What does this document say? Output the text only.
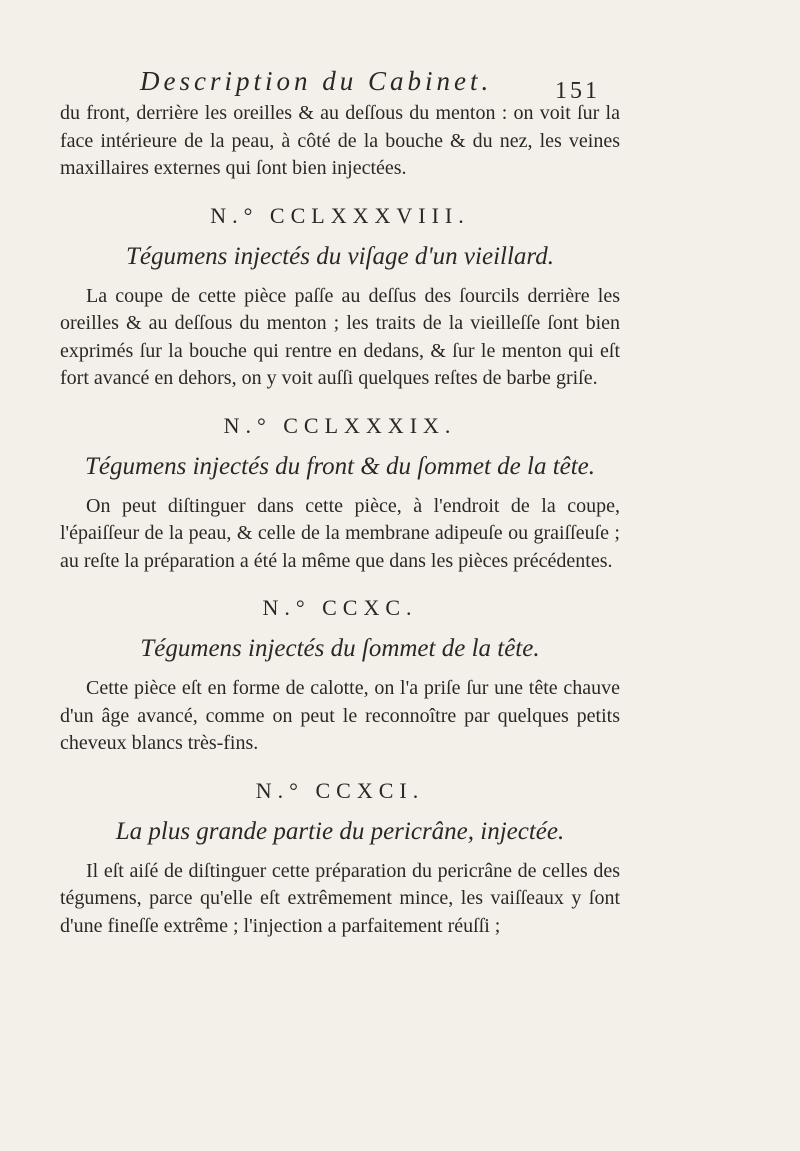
Description du Cabinet.	151

du front, derrière les oreilles & au deſſous du menton : on voit ſur la face intérieure de la peau, à côté de la bouche & du nez, les veines maxillaires externes qui ſont bien injectées.

N.° CCLXXXVIII.
Tégumens injectés du viſage d'un vieillard.

La coupe de cette pièce paſſe au deſſus des ſourcils derrière les oreilles & au deſſous du menton ; les traits de la vieilleſſe ſont bien exprimés ſur la bouche qui rentre en dedans, & ſur le menton qui eſt fort avancé en dehors, on y voit auſſi quelques reſtes de barbe griſe.

N.° CCLXXXIX.
Tégumens injectés du front & du ſommet de la tête.

On peut diſtinguer dans cette pièce, à l'endroit de la coupe, l'épaiſſeur de la peau, & celle de la membrane adipeuſe ou graiſſeuſe ; au reſte la préparation a été la même que dans les pièces précédentes.

N.° CCXC.
Tégumens injectés du ſommet de la tête.

Cette pièce eſt en forme de calotte, on l'a priſe ſur une tête chauve d'un âge avancé, comme on peut le reconnoître par quelques petits cheveux blancs très-fins.

N.° CCXCI.
La plus grande partie du pericrâne, injectée.

Il eſt aiſé de diſtinguer cette préparation du pericrâne de celles des tégumens, parce qu'elle eſt extrêmement mince, les vaiſſeaux y ſont d'une fineſſe extrême ; l'injection a parfaitement réuſſi ;
